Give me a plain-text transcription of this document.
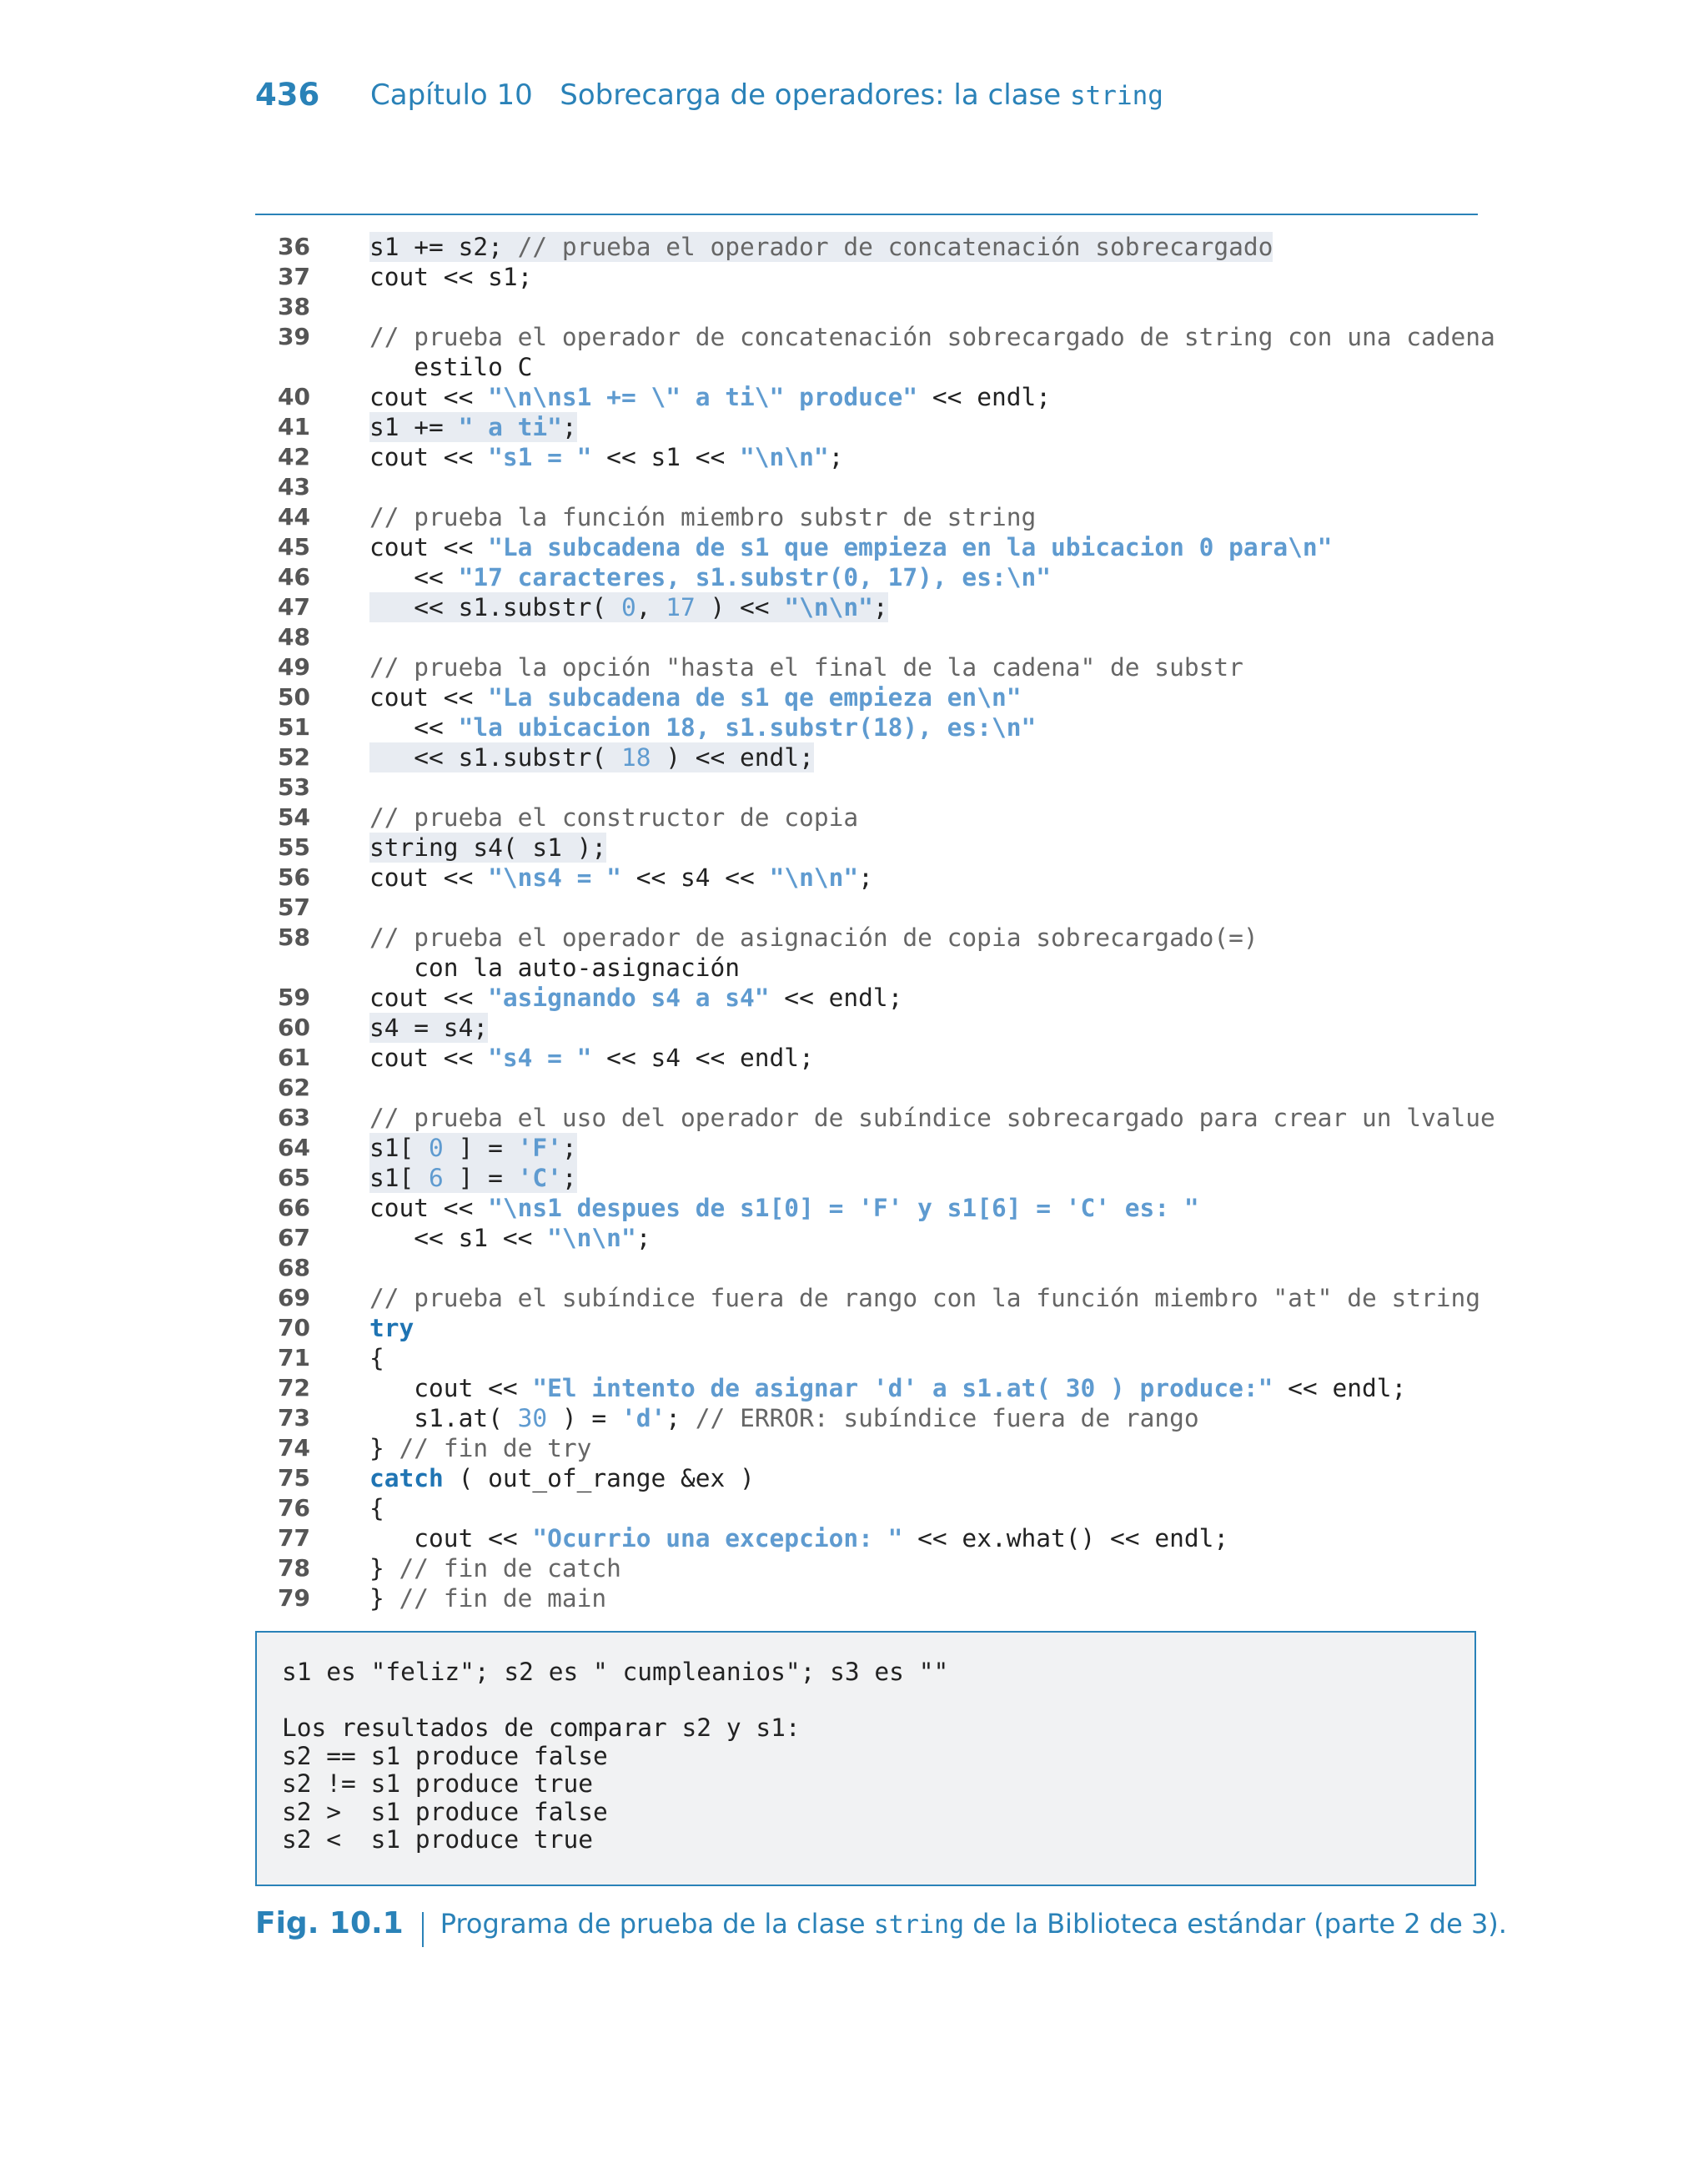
436 Capítulo 10 Sobrecarga de operadores: la clase string
36 s1 += s2; // prueba el operador de concatenación sobrecargado
37 cout << s1;
38
39 // prueba el operador de concatenación sobrecargado de string con una cadena
estilo C
40 cout << "\n\ns1 += \" a ti\" produce" << endl;
41 s1 += " a ti";
42 cout << "s1 = " << s1 << "\n\n";
43
44 // prueba la función miembro substr de string
45 cout << "La subcadena de s1 que empieza en la ubicacion 0 para\n"
46 << "17 caracteres, s1.substr(0, 17), es:\n"
47 << s1.substr( 0, 17 ) << "\n\n";
48
49 // prueba la opción "hasta el final de la cadena" de substr
50 cout << "La subcadena de s1 qe empieza en\n"
51 << "la ubicacion 18, s1.substr(18), es:\n"
52 << s1.substr( 18 ) << endl;
53
54 // prueba el constructor de copia
55 string s4( s1 );
56 cout << "\ns4 = " << s4 << "\n\n";
57
58 // prueba el operador de asignación de copia sobrecargado(=)
con la auto-asignación
59 cout << "asignando s4 a s4" << endl;
60 s4 = s4;
61 cout << "s4 = " << s4 << endl;
62
63 // prueba el uso del operador de subíndice sobrecargado para crear un lvalue
64 s1[ 0 ] = 'F';
65 s1[ 6 ] = 'C';
66 cout << "\ns1 despues de s1[0] = 'F' y s1[6] = 'C' es: "
67 << s1 << "\n\n";
68
69 // prueba el subíndice fuera de rango con la función miembro "at" de string
70 try
71 {
72 cout << "El intento de asignar 'd' a s1.at( 30 ) produce:" << endl;
73 s1.at( 30 ) = 'd'; // ERROR: subíndice fuera de rango
74 } // fin de try
75 catch ( out_of_range &ex )
76 {
77 cout << "Ocurrio una excepcion: " << ex.what() << endl;
78 } // fin de catch
79 } // fin de main
s1 es "feliz"; s2 es " cumpleanios"; s3 es ""
Los resultados de comparar s2 y s1:
s2 == s1 produce false
s2 != s1 produce true
s2 >  s1 produce false
s2 <  s1 produce true
Fig. 10.1 Programa de prueba de la clase string de la Biblioteca estándar (parte 2 de 3).
